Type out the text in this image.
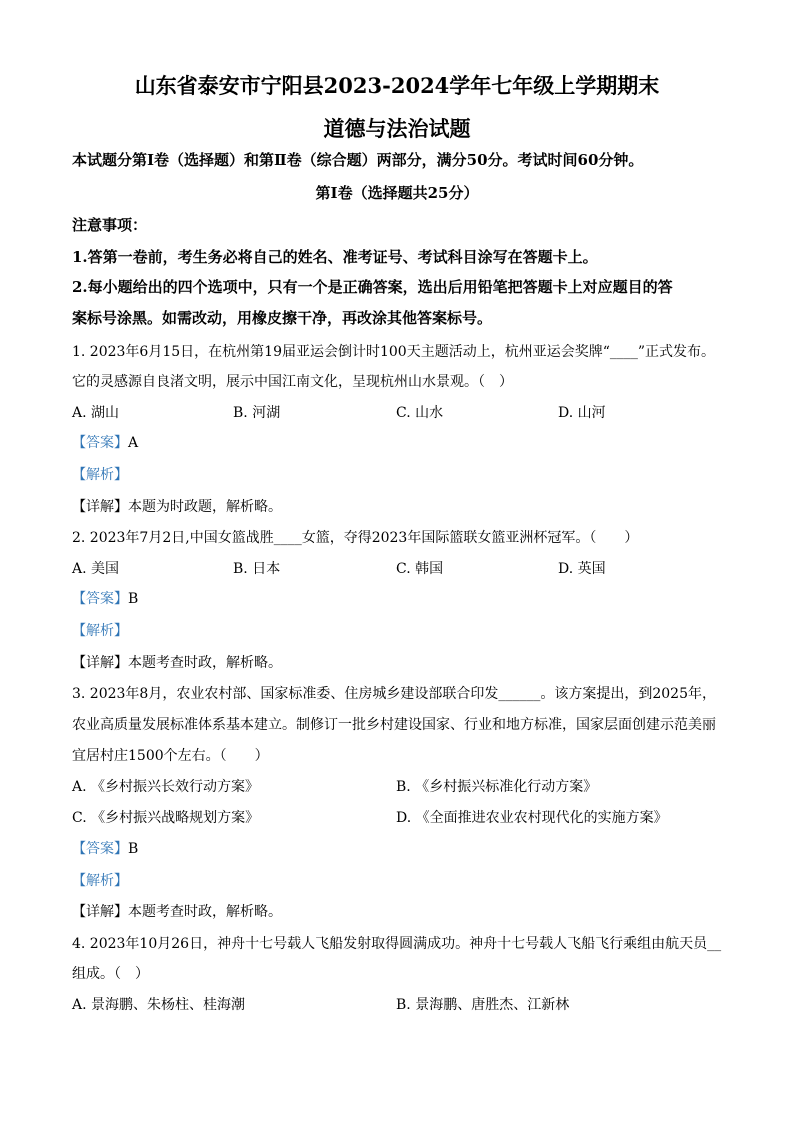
山东省泰安市宁阳县2023-2024学年七年级上学期期末
道德与法治试题
本试题分第Ⅰ卷（选择题）和第Ⅱ卷（综合题）两部分，满分50分。考试时间60分钟。
第Ⅰ卷（选择题共25分）
注意事项：
1.答第一卷前，考生务必将自己的姓名、准考证号、考试科目涂写在答题卡上。
2.每小题给出的四个选项中，只有一个是正确答案，选出后用铅笔把答题卡上对应题目的答
案标号涂黑。如需改动，用橡皮擦干净，再改涂其他答案标号。
1. 2023年6月15日，在杭州第19届亚运会倒计时100天主题活动上，杭州亚运会奖牌“____”正式发布。
它的灵感源自良渚文明，展示中国江南文化，呈现杭州山水景观。（　）
A. 湖山	B. 河湖	C. 山水	D. 山河
【答案】A
【解析】
【详解】本题为时政题，解析略。
2. 2023年7月2日,中国女篮战胜____女篮，夺得2023年国际篮联女篮亚洲杯冠军。（　　）
A. 美国	B. 日本	C. 韩国	D. 英国
【答案】B
【解析】
【详解】本题考查时政，解析略。
3. 2023年8月，农业农村部、国家标准委、住房城乡建设部联合印发______。该方案提出，到2025年，
农业高质量发展标准体系基本建立。制修订一批乡村建设国家、行业和地方标准，国家层面创建示范美丽
宜居村庄1500个左右。（　　）
A. 《乡村振兴长效行动方案》	B. 《乡村振兴标准化行动方案》
C. 《乡村振兴战略规划方案》	D. 《全面推进农业农村现代化的实施方案》
【答案】B
【解析】
【详解】本题考查时政，解析略。
4. 2023年10月26日，神舟十七号载人飞船发射取得圆满成功。神舟十七号载人飞船飞行乘组由航天员__
组成。（　）
A. 景海鹏、朱杨柱、桂海潮	B. 景海鹏、唐胜杰、江新林
